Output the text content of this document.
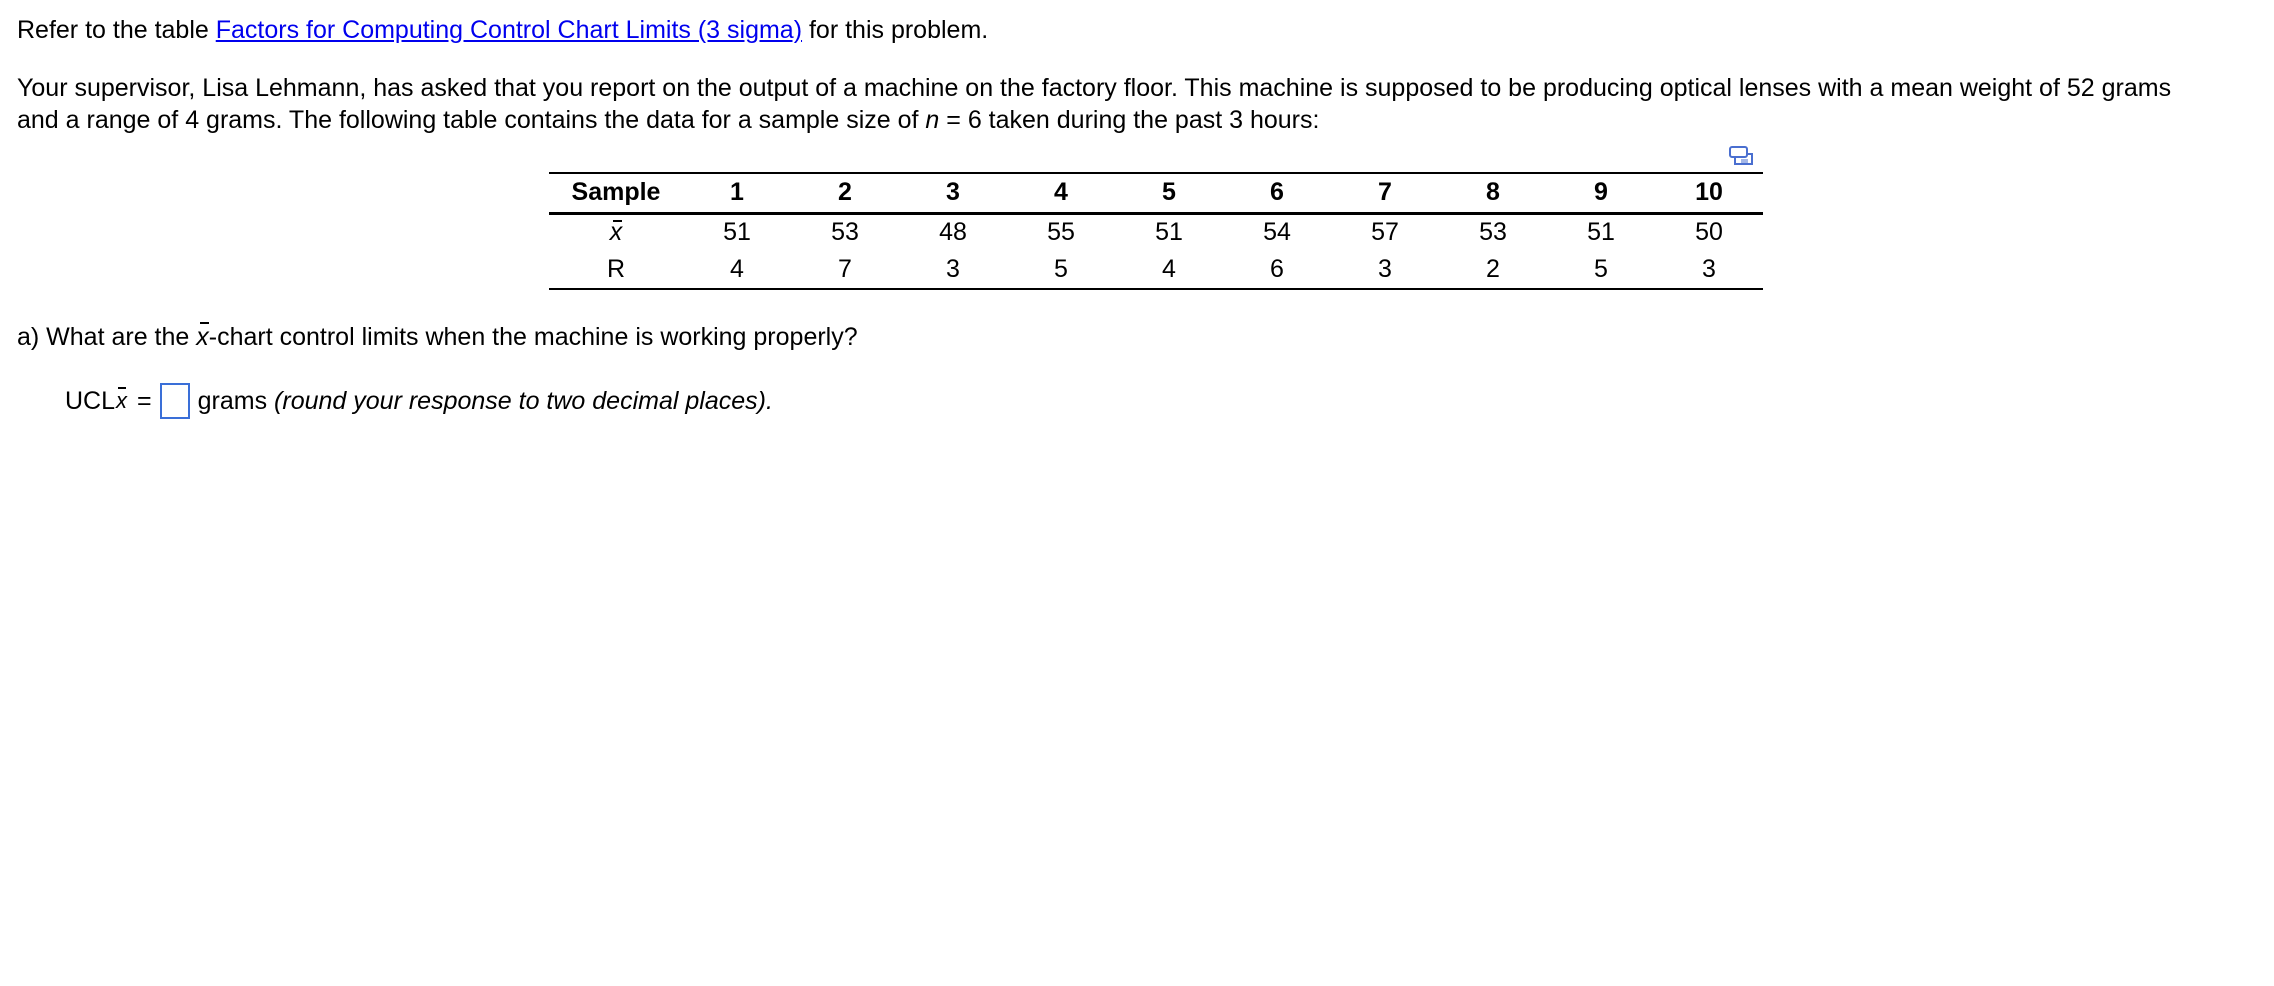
Refer to the table Factors for Computing Control Chart Limits (3 sigma) for this problem.

Your supervisor, Lisa Lehmann, has asked that you report on the output of a machine on the factory floor. This machine is supposed to be producing optical lenses with a mean weight of 52 grams
and a range of 4 grams. The following table contains the data for a sample size of n = 6 taken during the past 3 hours:
Sample	1	2	3	4	5	6	7	8	9	10
x	51	53	48	55	51	54	57	53	51	50
R	4	7	3	5	4	6	3	2	5	3

a) What are the x-chart control limits when the machine is working properly?

UCL x = grams
(round your response to two decimal places).
